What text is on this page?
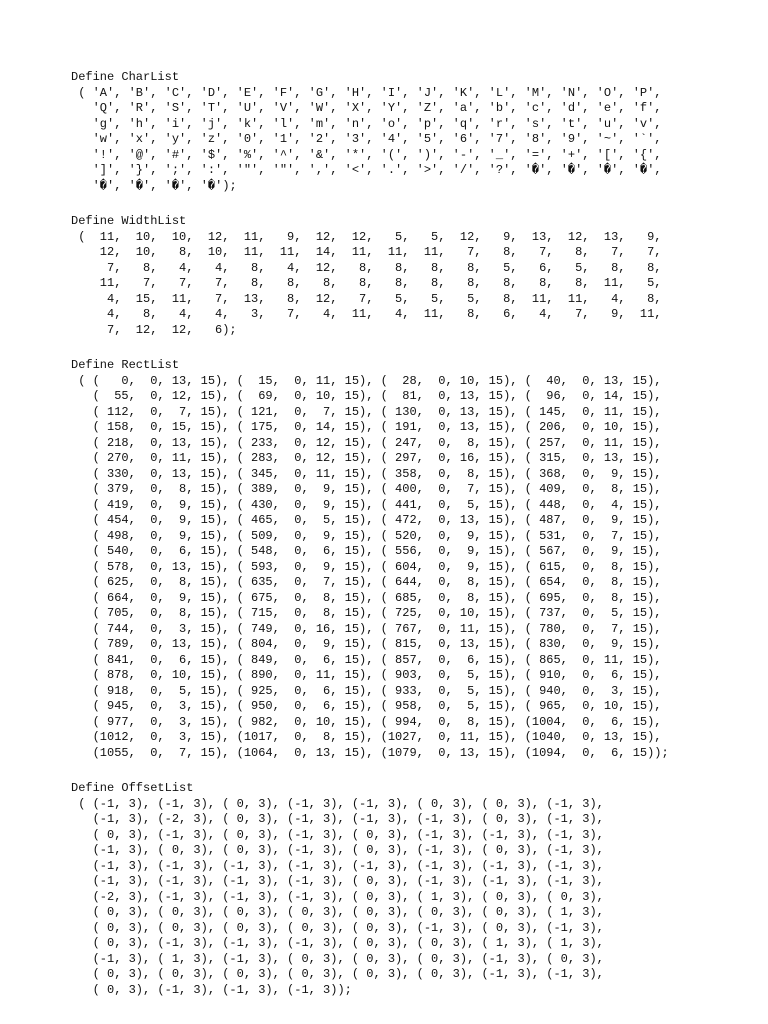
Define CharList
( 'A', 'B', 'C', 'D', 'E', 'F', 'G', 'H', 'I', 'J', 'K', 'L', 'M', 'N', 'O', 'P',
'Q', 'R', 'S', 'T', 'U', 'V', 'W', 'X', 'Y', 'Z', 'a', 'b', 'c', 'd', 'e', 'f',
'g', 'h', 'i', 'j', 'k', 'l', 'm', 'n', 'o', 'p', 'q', 'r', 's', 't', 'u', 'v',
'w', 'x', 'y', 'z', '0', '1', '2', '3', '4', '5', '6', '7', '8', '9', '~', '`',
'!', '@', '#', '$', '%', '^', '&', '*', '(', ')', '-', '_', '=', '+', '[', '{',
']', '}', ';', ':', '"', '"', ',', '<', '.', '>', '/', '?', '�', '�', '�', '�',
'�', '�', '�', '�');
Define WidthList
(  11,  10,  10,  12,  11,   9,  12,  12,   5,   5,  12,   9,  13,  12,  13,   9,
12,  10,   8,  10,  11,  11,  14,  11,  11,  11,   7,   8,   7,   8,   7,   7,
7,   8,   4,   4,   8,   4,  12,   8,   8,   8,   8,   5,   6,   5,   8,   8,
11,   7,   7,   7,   8,   8,   8,   8,   8,   8,   8,   8,   8,   8,  11,   5,
4,  15,  11,   7,  13,   8,  12,   7,   5,   5,   5,   8,  11,  11,   4,   8,
4,   8,   4,   4,   3,   7,   4,  11,   4,  11,   8,   6,   4,   7,   9,  11,
7,  12,  12,   6);
Define RectList
( (   0,  0, 13, 15), (  15,  0, 11, 15), (  28,  0, 10, 15), (  40,  0, 13, 15),
(  55,  0, 12, 15), (  69,  0, 10, 15), (  81,  0, 13, 15), (  96,  0, 14, 15),
( 112,  0,  7, 15), ( 121,  0,  7, 15), ( 130,  0, 13, 15), ( 145,  0, 11, 15),
( 158,  0, 15, 15), ( 175,  0, 14, 15), ( 191,  0, 13, 15), ( 206,  0, 10, 15),
( 218,  0, 13, 15), ( 233,  0, 12, 15), ( 247,  0,  8, 15), ( 257,  0, 11, 15),
( 270,  0, 11, 15), ( 283,  0, 12, 15), ( 297,  0, 16, 15), ( 315,  0, 13, 15),
( 330,  0, 13, 15), ( 345,  0, 11, 15), ( 358,  0,  8, 15), ( 368,  0,  9, 15),
( 379,  0,  8, 15), ( 389,  0,  9, 15), ( 400,  0,  7, 15), ( 409,  0,  8, 15),
( 419,  0,  9, 15), ( 430,  0,  9, 15), ( 441,  0,  5, 15), ( 448,  0,  4, 15),
( 454,  0,  9, 15), ( 465,  0,  5, 15), ( 472,  0, 13, 15), ( 487,  0,  9, 15),
( 498,  0,  9, 15), ( 509,  0,  9, 15), ( 520,  0,  9, 15), ( 531,  0,  7, 15),
( 540,  0,  6, 15), ( 548,  0,  6, 15), ( 556,  0,  9, 15), ( 567,  0,  9, 15),
( 578,  0, 13, 15), ( 593,  0,  9, 15), ( 604,  0,  9, 15), ( 615,  0,  8, 15),
( 625,  0,  8, 15), ( 635,  0,  7, 15), ( 644,  0,  8, 15), ( 654,  0,  8, 15),
( 664,  0,  9, 15), ( 675,  0,  8, 15), ( 685,  0,  8, 15), ( 695,  0,  8, 15),
( 705,  0,  8, 15), ( 715,  0,  8, 15), ( 725,  0, 10, 15), ( 737,  0,  5, 15),
( 744,  0,  3, 15), ( 749,  0, 16, 15), ( 767,  0, 11, 15), ( 780,  0,  7, 15),
( 789,  0, 13, 15), ( 804,  0,  9, 15), ( 815,  0, 13, 15), ( 830,  0,  9, 15),
( 841,  0,  6, 15), ( 849,  0,  6, 15), ( 857,  0,  6, 15), ( 865,  0, 11, 15),
( 878,  0, 10, 15), ( 890,  0, 11, 15), ( 903,  0,  5, 15), ( 910,  0,  6, 15),
( 918,  0,  5, 15), ( 925,  0,  6, 15), ( 933,  0,  5, 15), ( 940,  0,  3, 15),
( 945,  0,  3, 15), ( 950,  0,  6, 15), ( 958,  0,  5, 15), ( 965,  0, 10, 15),
( 977,  0,  3, 15), ( 982,  0, 10, 15), ( 994,  0,  8, 15), (1004,  0,  6, 15),
(1012,  0,  3, 15), (1017,  0,  8, 15), (1027,  0, 11, 15), (1040,  0, 13, 15),
(1055,  0,  7, 15), (1064,  0, 13, 15), (1079,  0, 13, 15), (1094,  0,  6, 15));
Define OffsetList
( (-1, 3), (-1, 3), ( 0, 3), (-1, 3), (-1, 3), ( 0, 3), ( 0, 3), (-1, 3),
(-1, 3), (-2, 3), ( 0, 3), (-1, 3), (-1, 3), (-1, 3), ( 0, 3), (-1, 3),
( 0, 3), (-1, 3), ( 0, 3), (-1, 3), ( 0, 3), (-1, 3), (-1, 3), (-1, 3),
(-1, 3), ( 0, 3), ( 0, 3), (-1, 3), ( 0, 3), (-1, 3), ( 0, 3), (-1, 3),
(-1, 3), (-1, 3), (-1, 3), (-1, 3), (-1, 3), (-1, 3), (-1, 3), (-1, 3),
(-1, 3), (-1, 3), (-1, 3), (-1, 3), ( 0, 3), (-1, 3), (-1, 3), (-1, 3),
(-2, 3), (-1, 3), (-1, 3), (-1, 3), ( 0, 3), ( 1, 3), ( 0, 3), ( 0, 3),
( 0, 3), ( 0, 3), ( 0, 3), ( 0, 3), ( 0, 3), ( 0, 3), ( 0, 3), ( 1, 3),
( 0, 3), ( 0, 3), ( 0, 3), ( 0, 3), ( 0, 3), (-1, 3), ( 0, 3), (-1, 3),
( 0, 3), (-1, 3), (-1, 3), (-1, 3), ( 0, 3), ( 0, 3), ( 1, 3), ( 1, 3),
(-1, 3), ( 1, 3), (-1, 3), ( 0, 3), ( 0, 3), ( 0, 3), (-1, 3), ( 0, 3),
( 0, 3), ( 0, 3), ( 0, 3), ( 0, 3), ( 0, 3), ( 0, 3), (-1, 3), (-1, 3),
( 0, 3), (-1, 3), (-1, 3), (-1, 3));
